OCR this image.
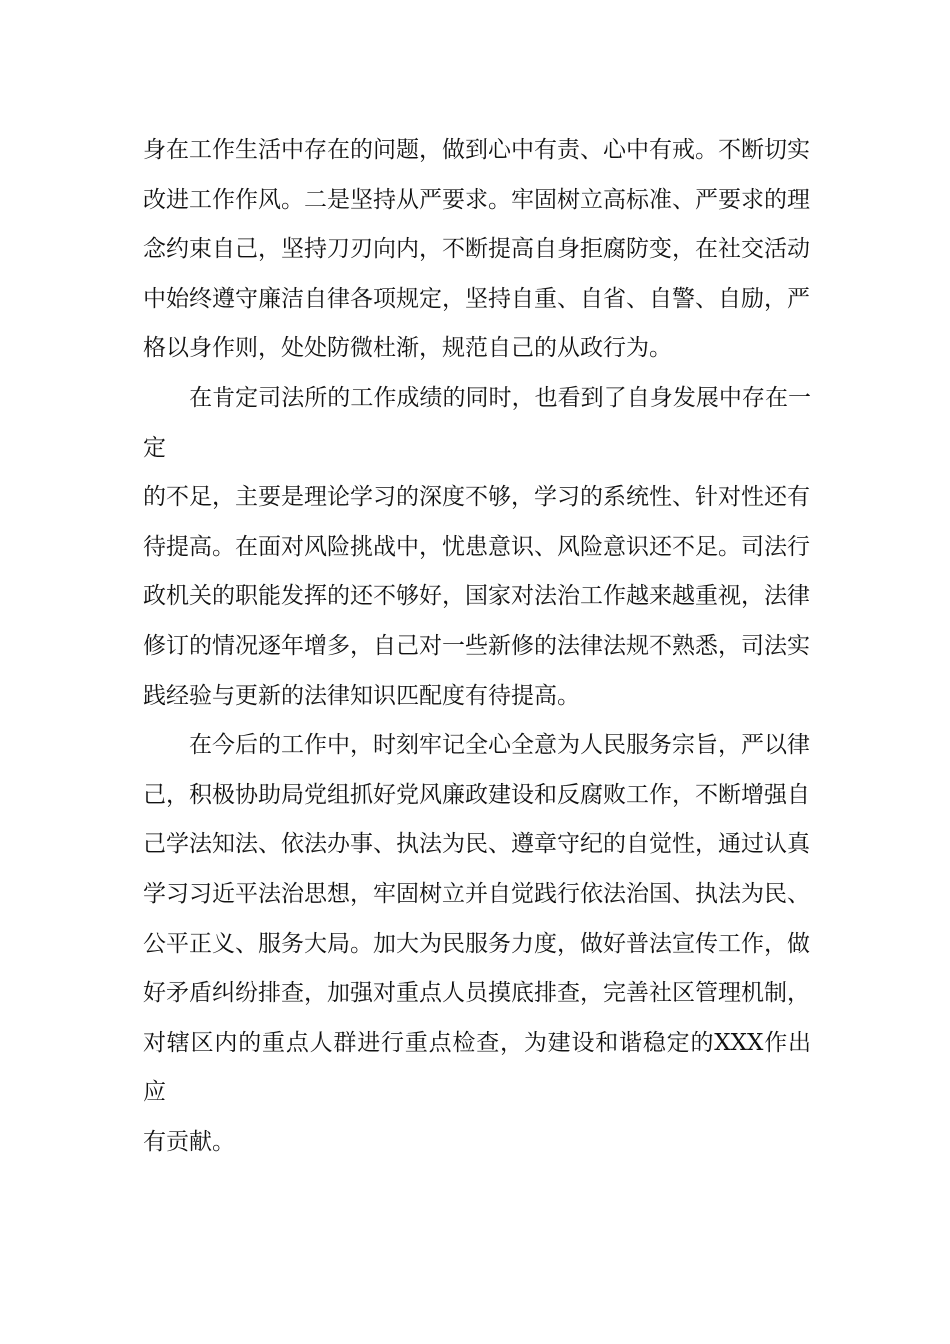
身在工作生活中存在的问题，做到心中有责、心中有戒。不断切实
改进工作作风。二是坚持从严要求。牢固树立高标准、严要求的理
念约束自己，坚持刀刃向内，不断提高自身拒腐防变，在社交活动
中始终遵守廉洁自律各项规定，坚持自重、自省、自警、自励，严
格以身作则，处处防微杜渐，规范自己的从政行为。

　　在肯定司法所的工作成绩的同时，也看到了自身发展中存在一定
的不足，主要是理论学习的深度不够，学习的系统性、针对性还有
待提高。在面对风险挑战中，忧患意识、风险意识还不足。司法行
政机关的职能发挥的还不够好，国家对法治工作越来越重视，法律
修订的情况逐年增多，自己对一些新修的法律法规不熟悉，司法实
践经验与更新的法律知识匹配度有待提高。

　　在今后的工作中，时刻牢记全心全意为人民服务宗旨，严以律
己，积极协助局党组抓好党风廉政建设和反腐败工作，不断增强自
己学法知法、依法办事、执法为民、遵章守纪的自觉性，通过认真
学习习近平法治思想，牢固树立并自觉践行依法治国、执法为民、
公平正义、服务大局。加大为民服务力度，做好普法宣传工作，做
好矛盾纠纷排查，加强对重点人员摸底排查，完善社区管理机制，
对辖区内的重点人群进行重点检查，为建设和谐稳定的XXX作出应
有贡献。
